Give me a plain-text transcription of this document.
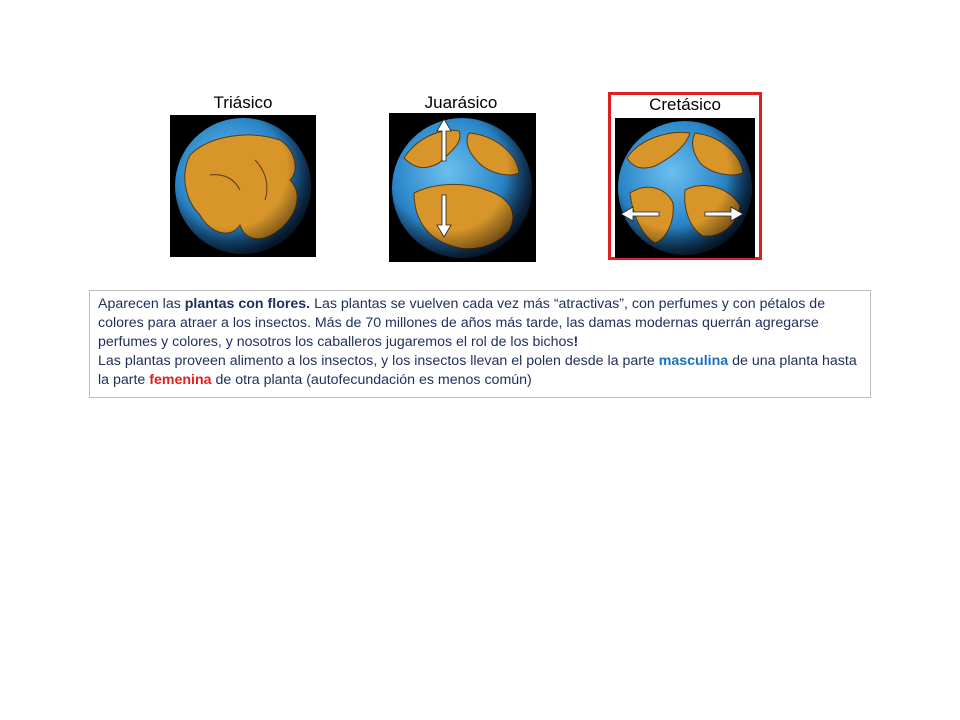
Triásico	Juarásico	Cretásico

Aparecen las plantas con flores. Las plantas se vuelven cada vez más “atractivas”, con perfumes y con pétalos de colores para atraer a los insectos. Más de 70 millones de años más tarde, las damas modernas querrán agregarse perfumes y colores, y nosotros los caballeros jugaremos el rol de los bichos!

Las plantas proveen alimento a los insectos, y los insectos llevan el polen desde la parte masculina de una planta hasta la parte femenina de otra planta (autofecundación es menos común)
